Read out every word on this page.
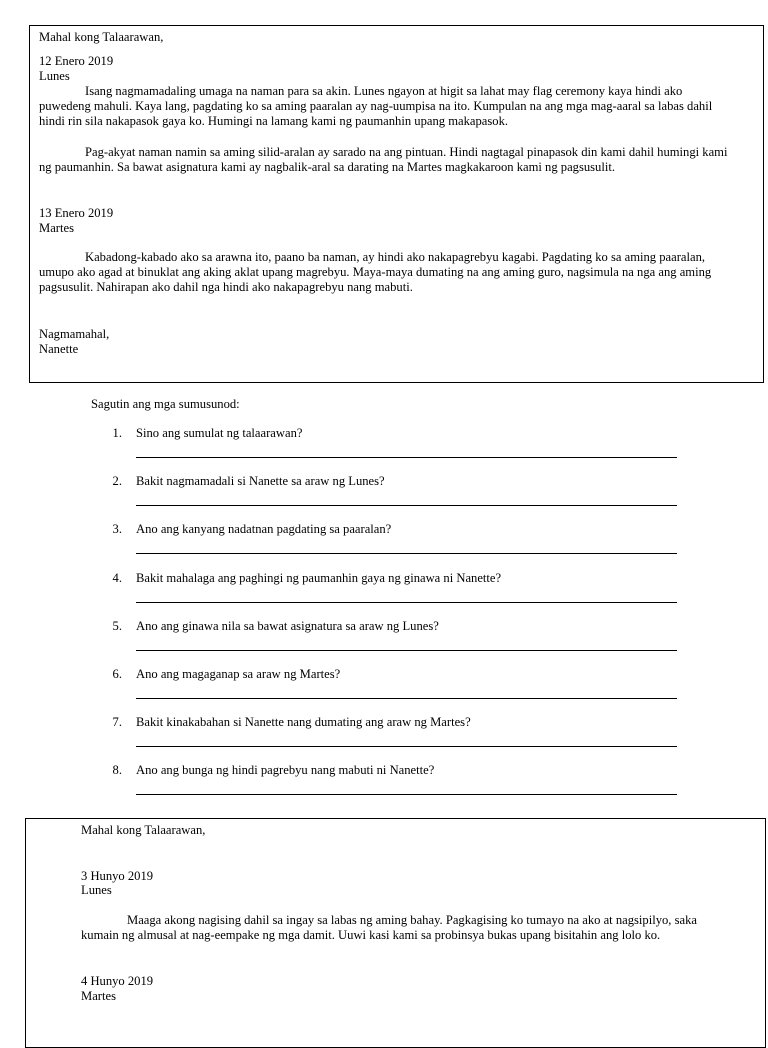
Mahal kong Talaarawan,
12 Enero 2019
Lunes
Isang nagmamadaling umaga na naman para sa akin. Lunes ngayon at higit sa lahat may flag ceremony kaya hindi ako puwedeng mahuli. Kaya lang, pagdating ko sa aming paaralan ay nag-uumpisa na ito. Kumpulan na ang mga mag-aaral sa labas dahil hindi rin sila nakapasok gaya ko. Humingi na lamang kami ng paumanhin upang makapasok.
Pag-akyat naman namin sa aming silid-aralan ay sarado na ang pintuan. Hindi nagtagal pinapasok din kami dahil humingi kami ng paumanhin. Sa bawat asignatura kami ay nagbalik-aral sa darating na Martes magkakaroon kami ng pagsusulit.
13 Enero 2019
Martes
Kabadong-kabado ako sa arawna ito, paano ba naman, ay hindi ako nakapagrebyu kagabi. Pagdating ko sa aming paaralan, umupo ako agad at binuklat ang aking aklat upang magrebyu. Maya-maya dumating na ang aming guro, nagsimula na nga ang aming pagsusulit. Nahirapan ako dahil nga hindi ako nakapagrebyu nang mabuti.
Nagmamahal,
Nanette
Sagutin ang mga sumusunod:
1. Sino ang sumulat ng talaarawan?
2. Bakit nagmamadali si Nanette sa araw ng Lunes?
3. Ano ang kanyang nadatnan pagdating sa paaralan?
4. Bakit mahalaga ang paghingi ng paumanhin gaya ng ginawa ni Nanette?
5. Ano ang ginawa nila sa bawat asignatura sa araw ng Lunes?
6. Ano ang magaganap sa araw ng Martes?
7. Bakit kinakabahan si Nanette nang dumating ang araw ng Martes?
8. Ano ang bunga ng hindi pagrebyu nang mabuti ni Nanette?
Mahal kong Talaarawan,
3 Hunyo 2019
Lunes
Maaga akong nagising dahil sa ingay sa labas ng aming bahay. Pagkagising ko tumayo na ako at nagsipilyo, saka kumain ng almusal at nag-eempake ng mga damit. Uuwi kasi kami sa probinsya bukas upang bisitahin ang lolo ko.
4 Hunyo 2019
Martes
